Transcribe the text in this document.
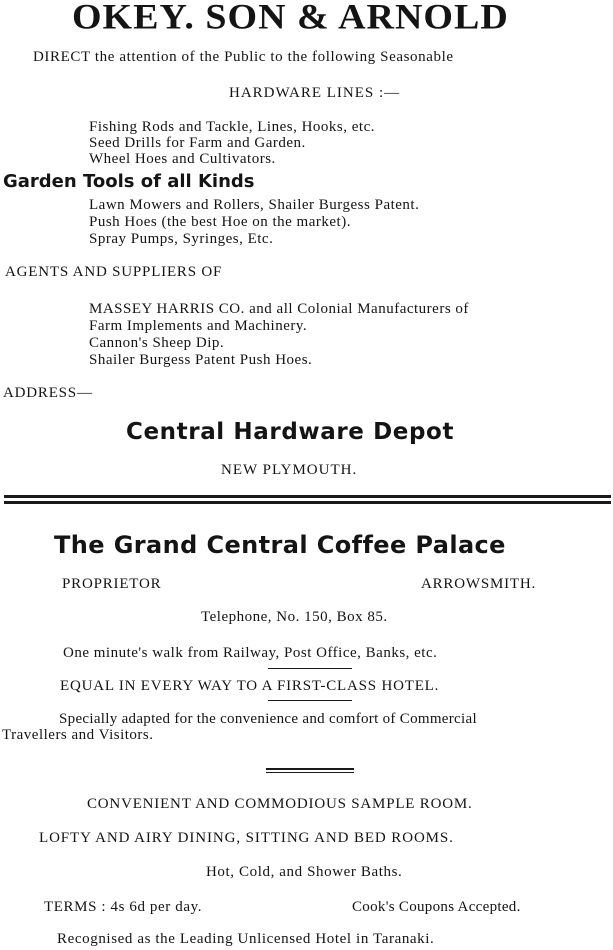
OKEY. SON & ARNOLD
DIRECT the attention of the Public to the following Seasonable
HARDWARE LINES :—
Fishing Rods and Tackle, Lines, Hooks, etc.
Seed Drills for Farm and Garden.
Wheel Hoes and Cultivators.
Garden Tools of all Kinds
Lawn Mowers and Rollers, Shailer Burgess Patent.
Push Hoes (the best Hoe on the market).
Spray Pumps, Syringes, Etc.
AGENTS AND SUPPLIERS OF
MASSEY HARRIS CO. and all Colonial Manufacturers of
Farm Implements and Machinery.
Cannon's Sheep Dip.
Shailer Burgess Patent Push Hoes.
ADDRESS—
Central Hardware Depot
NEW PLYMOUTH.
The Grand Central Coffee Palace
PROPRIETOR	ARROWSMITH.
Telephone, No. 150, Box 85.
One minute's walk from Railway, Post Office, Banks, etc.
EQUAL IN EVERY WAY TO A FIRST-CLASS HOTEL.
Specially adapted for the convenience and comfort of Commercial
Travellers and Visitors.
CONVENIENT AND COMMODIOUS SAMPLE ROOM.
LOFTY AND AIRY DINING, SITTING AND BED ROOMS.
Hot, Cold, and Shower Baths.
TERMS : 4s 6d per day.	Cook's Coupons Accepted.
Recognised as the Leading Unlicensed Hotel in Taranaki.
